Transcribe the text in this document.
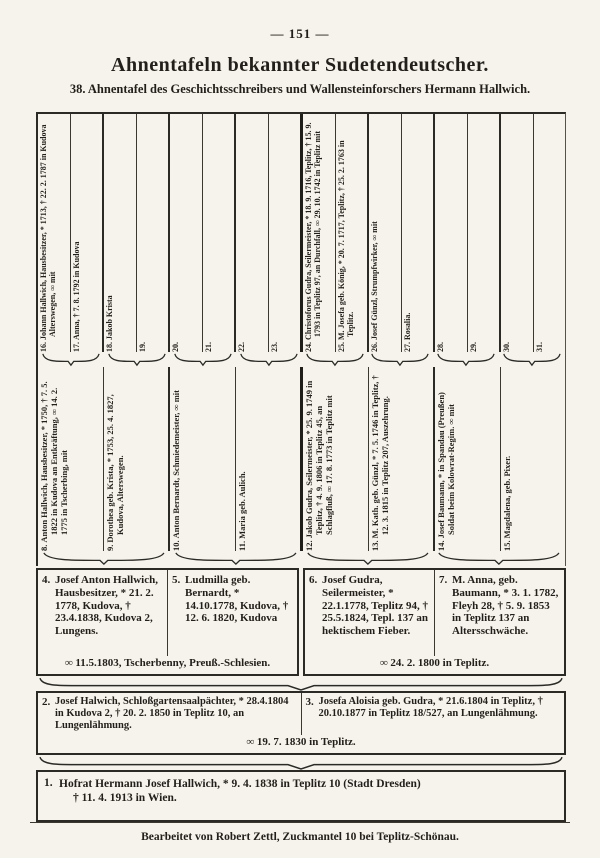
— 151 —
Ahnentafeln bekannter Sudetendeutscher.
38. Ahnentafel des Geschichtsschreibers und Wallensteinforschers Hermann Hallwich.
16.Johann Hallwich, Hausbesitzer, * 1713, † 22. 2. 1787 in Kudova Alterswegen, ∞ mit
17.Anna, † 7. 8. 1792 in Kudova
18.Jakob Krista
19.	20.	21.	22.	23.	24.Christoforus Gudra, Seilermeister, * 18. 9. 1716, Teplitz, † 15. 9. 1793 in Teplitz 97, an Durchfall, ∞ 29. 10. 1742 in Teplitz mit
25.M. Josefa geb. König, * 20. 7. 1717, Teplitz, † 25. 2. 1763 in Teplitz.
26.Josef Günzl, Strumpfwirker, ∞ mit
27.Rosalia.
28.	29.	30.	31.
8.Anton Hallwich, Hausbesitzer, * 1750, † 7. 5. 1822 in Kudova an Entkräftung, ∞ 14. 2. 1775 in Tscherbing, mit
9.Dorothea geb. Krista, * 1753, 25. 4. 1827, Kudova, Alterswegen.
10.Anton Bernardt, Schmiedemeister, ∞ mit
11.Maria geb. Aulich.
12.Jakob Gudra, Seilermeister, * 25. 9. 1749 in Teplitz, † 4. 9. 1806 in Teplitz 45, an Schlagfluß, ∞ 17. 8. 1773 in Teplitz mit
13.M. Kath. geb. Günzl, * 7. 5. 1746 in Teplitz, † 12. 3. 1815 in Teplitz 207, Auszehrung.
14.Josef Baumann, * in Spandau (Preußen) Soldat beim Kolowrat-Regim. ∞ mit
15.Magdalena, geb. Pixer.
4. Josef Anton Hallwich, Hausbesitzer, * 21. 2. 1778, Kudova, † 23.4.1838, Kudova 2, Lungens.
5. Ludmilla geb. Bernardt, * 14.10.1778, Kudova, † 12. 6. 1820, Kudova
∞ 11.5.1803, Tscherbenny, Preuß.-Schlesien.
6. Josef Gudra, Seilermeister, * 22.1.1778, Teplitz 94, † 25.5.1824, Tepl. 137 an hektischem Fieber.
7. M. Anna, geb. Baumann, * 3. 1. 1782, Fleyh 28, † 5. 9. 1853 in Teplitz 137 an Altersschwäche.
∞ 24. 2. 1800 in Teplitz.
2. Josef Halwich, Schloßgartensaalpächter, * 28.4.1804 in Kudova 2, † 20. 2. 1850 in Teplitz 10, an Lungenlähmung.
3. Josefa Aloisia geb. Gudra, * 21.6.1804 in Teplitz, † 20.10.1877 in Teplitz 18/527, an Lungenlähmung.
∞ 19. 7. 1830 in Teplitz.
1. Hofrat Hermann Josef Hallwich, * 9. 4. 1838 in Teplitz 10 (Stadt Dresden)
† 11. 4. 1913 in Wien.
Bearbeitet von Robert Zettl, Zuckmantel 10 bei Teplitz-Schönau.
